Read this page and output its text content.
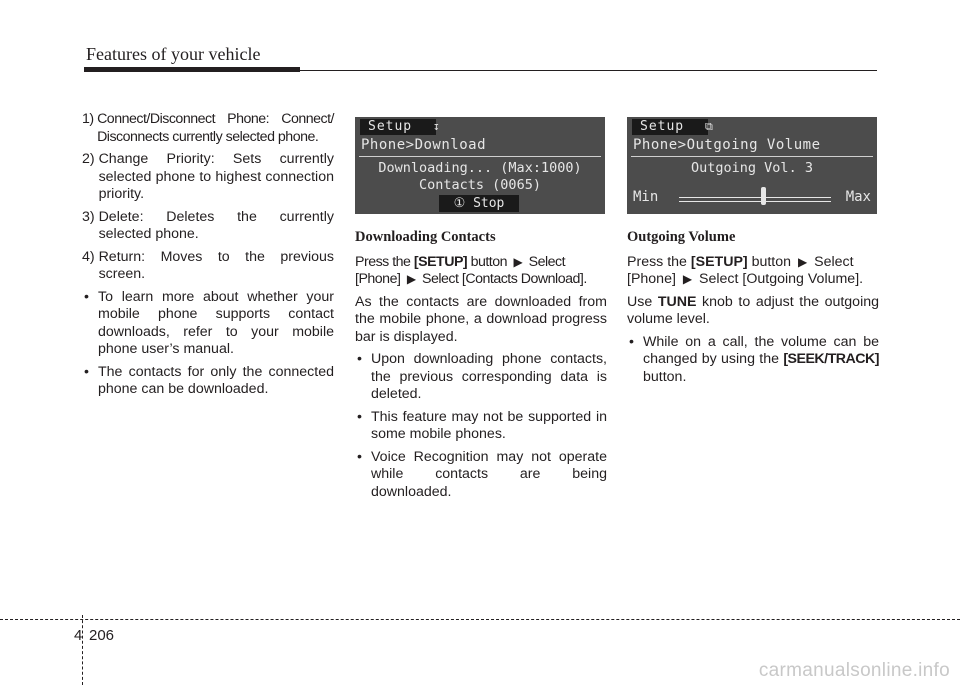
Features of your vehicle
1) Connect/Disconnect Phone: Connect/ Disconnects currently selected phone.
2) Change Priority: Sets currently selected phone to highest connection priority.
3) Delete: Deletes the currently selected phone.
4) Return: Moves to the previous screen.
• To learn more about whether your mobile phone supports contact downloads, refer to your mobile phone user’s manual.
• The contacts for only the connected phone can be downloaded.
Setup	↧
Phone>Download
Downloading... (Max:1000)
Contacts (0065)
① Stop
Setup	⧉
Phone>Outgoing Volume
Outgoing Vol. 3
Min	Max
Downloading Contacts

Press the [SETUP] button ▶ Select [Phone] ▶ Select [Contacts Download].

As the contacts are downloaded from the mobile phone, a download progress bar is displayed.

• Upon downloading phone contacts, the previous corresponding data is deleted.
• This feature may not be supported in some mobile phones.
• Voice Recognition may not operate while contacts are being downloaded.
Outgoing Volume

Press the [SETUP] button ▶ Select [Phone] ▶ Select [Outgoing Volume].

Use TUNE knob to adjust the outgoing volume level.

• While on a call, the volume can be changed by using the [SEEK/TRACK] button.
4 206
carmanualsonline.info
